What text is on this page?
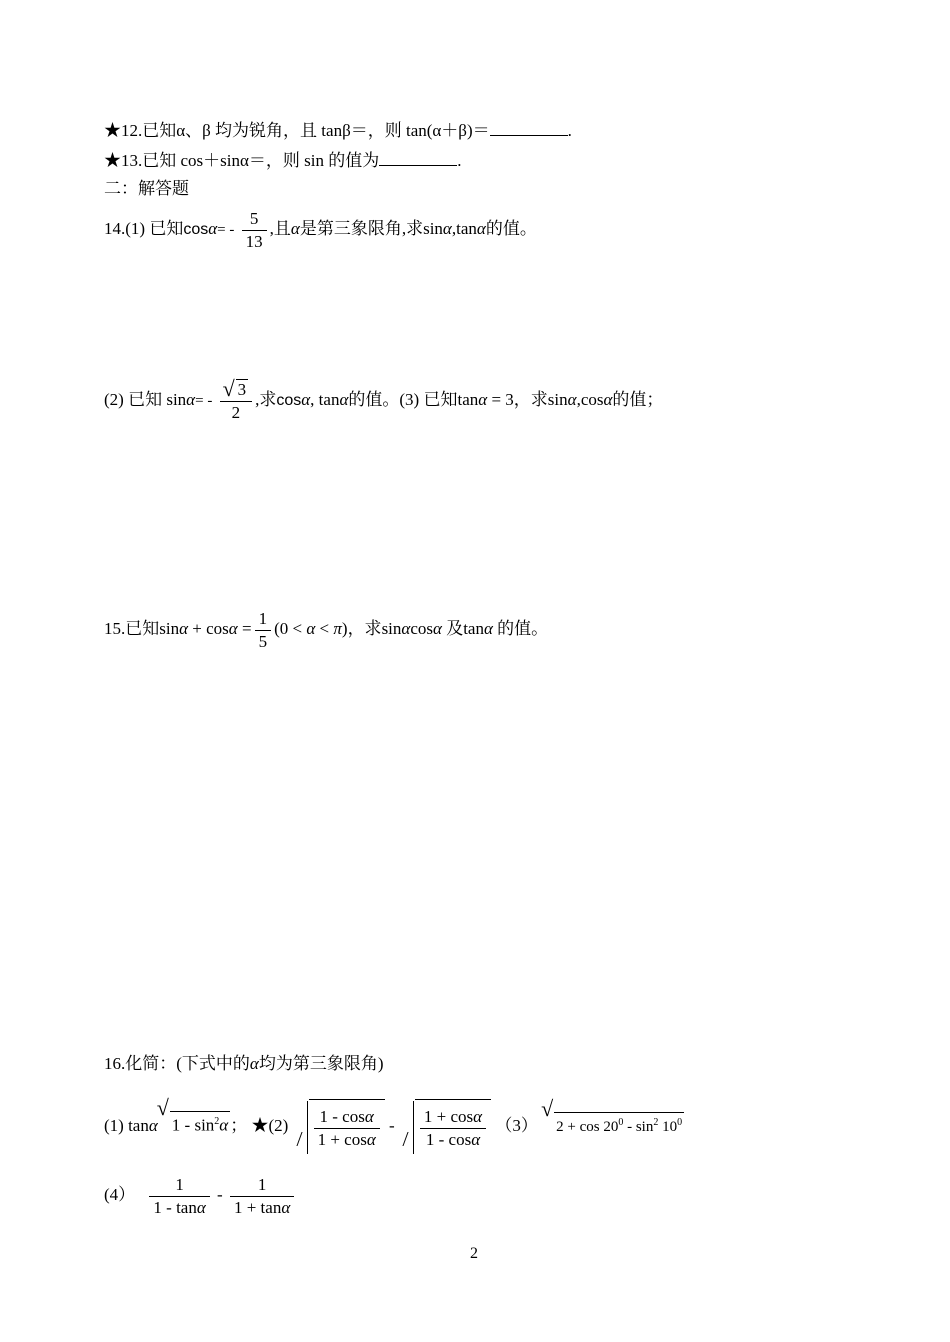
★12.已知α、β 均为锐角，且 tanβ＝，则 tan(α＋β)＝	.
★13.已知 cos＋sinα＝，则 sin 的值为	.
二：解答题
14.(1) 已知$\cos\alpha= - \frac{5}{13}$ ,且α是第三象限角,求sinα,tanα的值。
(2) 已知 sinα= - √ $\frac{3}{2}$ ,求cosα, tanα的值。(3) 已知tanα = 3，求sinα,cosα的值；
15.已知$\sin\alpha + \cos\alpha = \frac{1}{5} (0 < \alpha < \pi)$，求sinαcosα 及tanα 的值。
16.化简：(下式中的α均为第三象限角)
(1) tanα √ $1 - \sin^2\alpha$ ； ★(2) $\frac{1 - \cos\alpha}{1 + \cos\alpha} - \frac{1 + \cos\alpha}{1 - \cos\alpha} (3)$ √ $2 + \cos 20^0 - \sin^2 10^0$
$(4) \frac{1}{1 - \tan\alpha} - \frac{1}{1 + \tan\alpha}$
2
